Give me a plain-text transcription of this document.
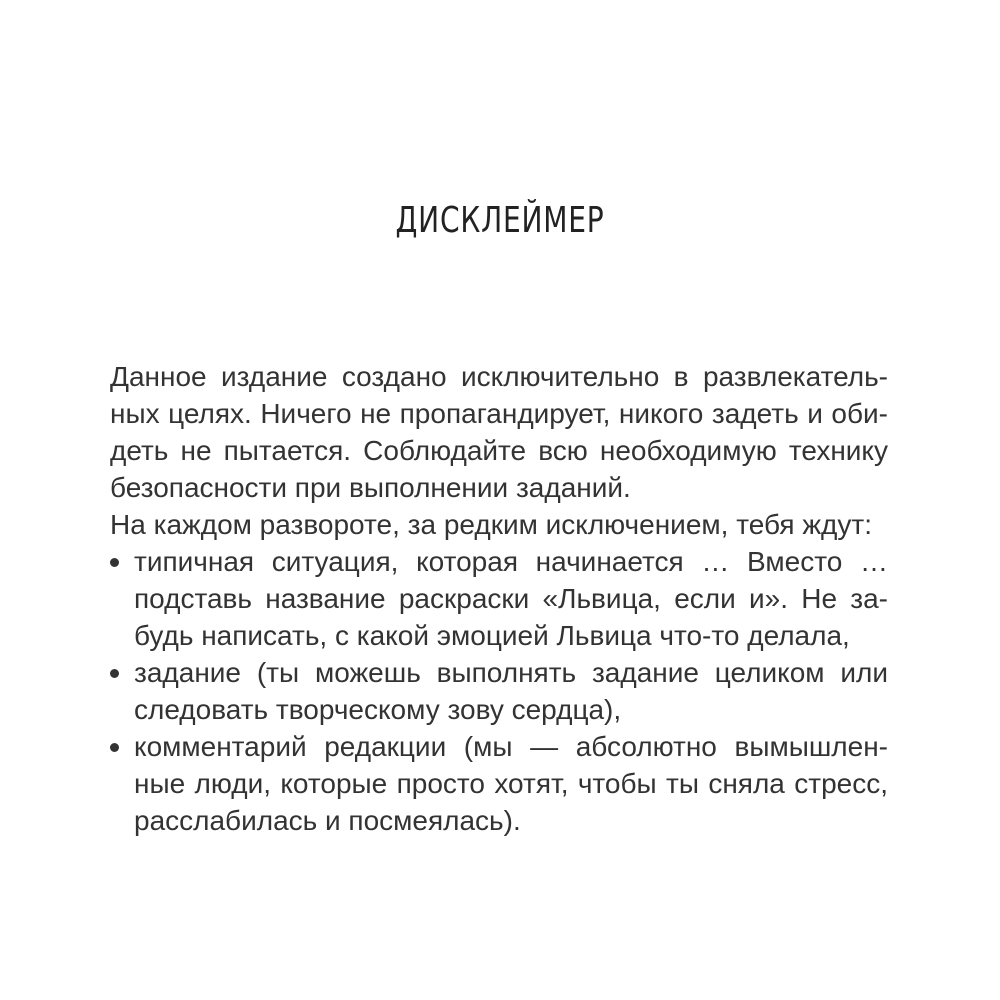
ДИСКЛЕЙМЕР
Данное издание создано исключительно в развлекатель-
ных целях. Ничего не пропагандирует, никого задеть и оби-
деть не пытается. Соблюдайте всю необходимую технику
безопасности при выполнении заданий.
На каждом развороте, за редким исключением, тебя ждут:
типичная ситуация, которая начинается … Вместо …
подставь название раскраски «Львица, если и». Не за-
будь написать, с какой эмоцией Львица что-то делала,
задание (ты можешь выполнять задание целиком или
следовать творческому зову сердца),
комментарий редакции (мы — абсолютно вымышлен-
ные люди, которые просто хотят, чтобы ты сняла стресс,
расслабилась и посмеялась).
